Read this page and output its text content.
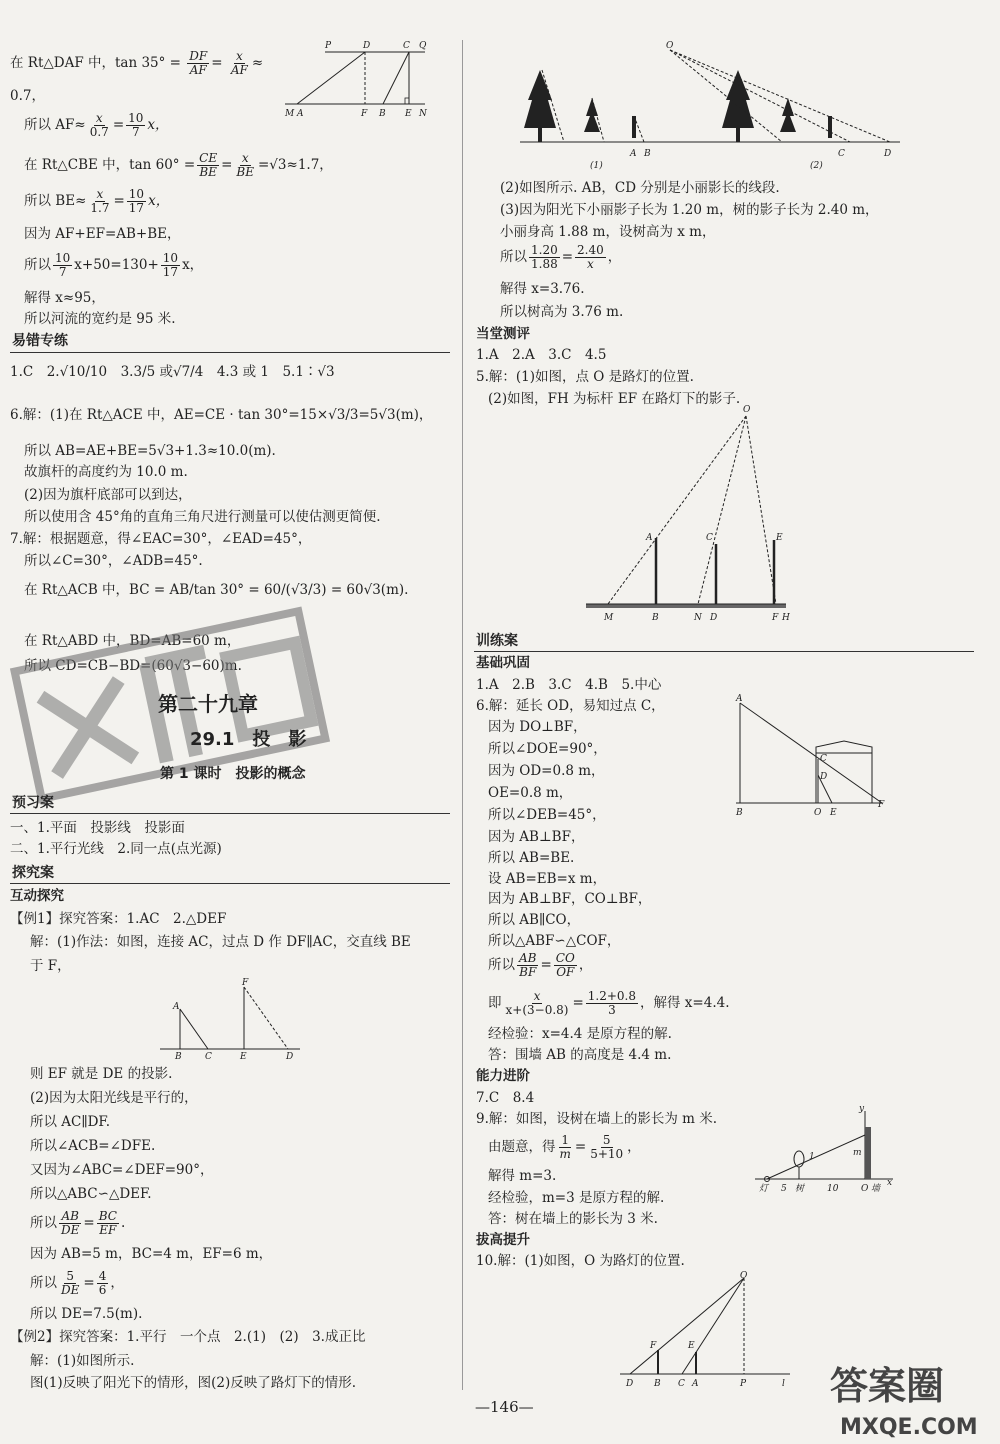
在 Rt△DAF 中，$\tan 35^\circ = \frac{DF}{AF} = \frac{x}{AF}$ ≈
0.7，
所以 $AF\approx \frac{x}{0.7} = \frac{10}{7}$ x，
在 Rt△CBE 中，$\tan 60^\circ = \frac{CE}{BE} = \frac{x}{BE} =√3\approx 1.7$，
所以 $BE\approx \frac{x}{1.7} = \frac{10}{17}$ x，
因为 AF+EF=AB+BE，
所以 $\frac{10}{7} x+50=130+ \frac{10}{17}$ x，
解得 x≈95，
所以河流的宽约是 95 米.
易错专练
1.C　2.√10/10　3.3/5 或√7/4　4.3 或 1　5.1∶√3
6.解：(1)在 Rt△ACE 中，AE=CE · tan 30°=15×√3/3=5√3(m)，
所以 AB=AE+BE=5√3+1.3≈10.0(m).
故旗杆的高度约为 10.0 m.
(2)因为旗杆底部可以到达，
所以使用含 45°角的直角三角尺进行测量可以使估测更简便.
7.解：根据题意，得∠EAC=30°，∠EAD=45°，
所以∠C=30°，∠ADB=45°.
在 Rt△ACB 中，BC = AB/tan 30° = 60/(√3/3) = 60√3(m).
在 Rt△ABD 中，BD=AB=60 m，
所以 CD=CB−BD=(60√3−60)m.
第二十九章
29.1　投　影
第 1 课时　投影的概念
预习案
一、1.平面　投影线　投影面
二、1.平行光线　2.同一点(点光源)
探究案
互动探究
【例1】探究答案：1.AC　2.△DEF
解：(1)作法：如图，连接 AC，过点 D 作 DF∥AC，交直线 BE
于 F，
A
B	C
F
E	D
则 EF 就是 DE 的投影.
(2)因为太阳光线是平行的，
所以 AC∥DF.
所以∠ACB=∠DFE.
又因为∠ABC=∠DEF=90°，
所以△ABC∽△DEF.
所以 $\frac{AB}{DE} = \frac{BC}{EF}$ .
因为 AB=5 m，BC=4 m，EF=6 m，
所以 $\frac{5}{DE} = \frac{4}{6}$ ，
所以 DE=7.5(m).
【例2】探究答案：1.平行　一个点　2.(1)　(2)　3.成正比
解：(1)如图所示.
图(1)反映了阳光下的情形，图(2)反映了路灯下的情形.
P	D	C Q
M A	F B E N
A B
(1)
O
C	D
(2)
(2)如图所示. AB，CD 分别是小丽影长的线段.
(3)因为阳光下小丽影子长为 1.20 m，树的影子长为 2.40 m，
小丽身高 1.88 m，设树高为 x m，
所以 $\frac{1.20}{1.88} = \frac{2.40}{x}$ ，
解得 x=3.76.
所以树高为 3.76 m.
当堂测评
1.A　2.A　3.C　4.5
5.解：(1)如图，点 O 是路灯的位置.
(2)如图，FH 为标杆 EF 在路灯下的影子.
O
A	C	E
M	B	N D	F H
训练案
基础巩固
1.A　2.B　3.C　4.B　5.中心
6.解：延长 OD，易知过点 C，
因为 DO⊥BF，
所以∠DOE=90°，
因为 OD=0.8 m，
OE=0.8 m，
所以∠DEB=45°，
因为 AB⊥BF，
所以 AB=BE.
设 AB=EB=x m，
因为 AB⊥BF，CO⊥BF，
所以 AB∥CO，
所以△ABF∽△COF，
所以 $\frac{AB}{BF} = \frac{CO}{OF}$ ，
A
C
D
B	O E
F
即 $\frac{x}{x+(3-0.8)} = \frac{1.2+0.8}{3}$ ，解得 x=4.4.
经检验：x=4.4 是原方程的解.
答：围墙 AB 的高度是 4.4 m.
能力进阶
7.C　8.4
9.解：如图，设树在墙上的影长为 m 米.
由题意，得 $\frac{1}{m} = \frac{5}{5+10}$ ，
解得 m=3.
经检验，m=3 是原方程的解.
答：树在墙上的影长为 3 米.
y
m
1
灯 5 树	10	O 墙
x
拔高提升
10.解：(1)如图，O 为路灯的位置.
O
F	E
D B C A	P	l
—146—	答案圈
MXQE.COM
